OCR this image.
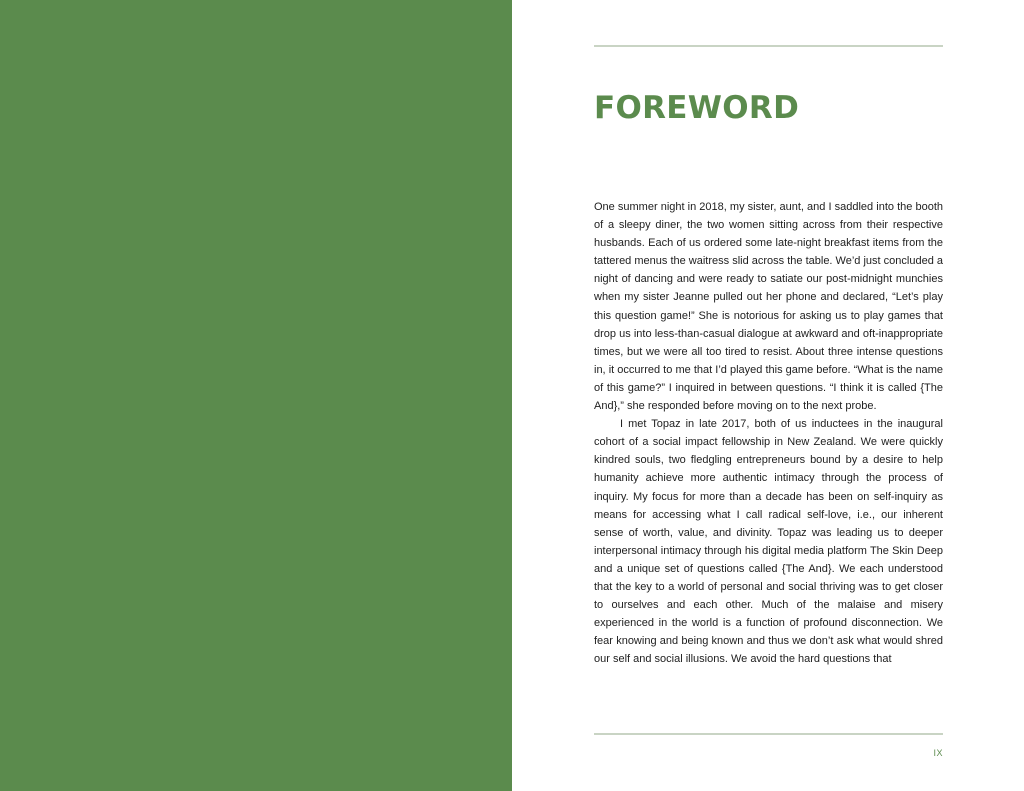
FOREWORD

One summer night in 2018, my sister, aunt, and I saddled into the booth of a sleepy diner, the two women sitting across from their respective husbands. Each of us ordered some late-night breakfast items from the tattered menus the waitress slid across the table. We’d just concluded a night of dancing and were ready to satiate our post-midnight munchies when my sister Jeanne pulled out her phone and declared, “Let’s play this question game!” She is notorious for asking us to play games that drop us into less-than-casual dialogue at awkward and oft-inappropriate times, but we were all too tired to resist. About three intense questions in, it occurred to me that I’d played this game before. “What is the name of this game?” I inquired in between questions. “I think it is called {The And},” she responded before moving on to the next probe.

I met Topaz in late 2017, both of us inductees in the inaugural cohort of a social impact fellowship in New Zealand. We were quickly kindred souls, two fledgling entrepreneurs bound by a desire to help humanity achieve more authentic intimacy through the process of inquiry. My focus for more than a decade has been on self-inquiry as means for accessing what I call radical self-love, i.e., our inherent sense of worth, value, and divinity. Topaz was leading us to deeper interpersonal intimacy through his digital media platform The Skin Deep and a unique set of questions called {The And}. We each understood that the key to a world of personal and social thriving was to get closer to ourselves and each other. Much of the malaise and misery experienced in the world is a function of profound disconnection. We fear knowing and being known and thus we don’t ask what would shred our self and social illusions. We avoid the hard questions that

IX
